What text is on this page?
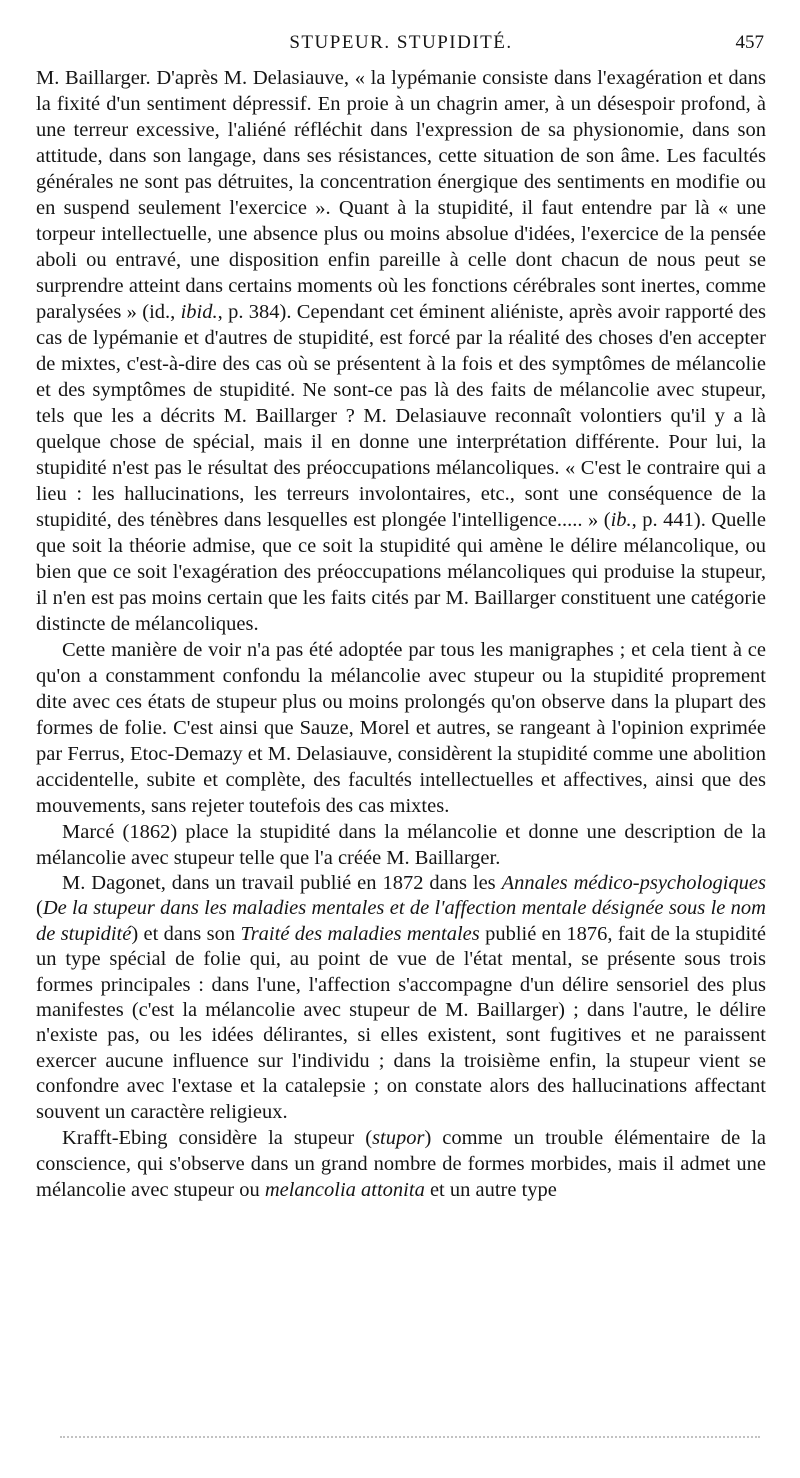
STUPEUR. STUPIDITÉ.	457

M. Baillarger. D'après M. Delasiauve, « la lypémanie consiste dans l'exagération et dans la fixité d'un sentiment dépressif. En proie à un chagrin amer, à un désespoir profond, à une terreur excessive, l'aliéné réfléchit dans l'expression de sa physionomie, dans son attitude, dans son langage, dans ses résistances, cette situation de son âme. Les facultés générales ne sont pas détruites, la concentration énergique des sentiments en modifie ou en suspend seulement l'exercice ». Quant à la stupidité, il faut entendre par là « une torpeur intellectuelle, une absence plus ou moins absolue d'idées, l'exercice de la pensée aboli ou entravé, une disposition enfin pareille à celle dont chacun de nous peut se surprendre atteint dans certains moments où les fonctions cérébrales sont inertes, comme paralysées » (id., ibid., p. 384). Cependant cet éminent aliéniste, après avoir rapporté des cas de lypémanie et d'autres de stupidité, est forcé par la réalité des choses d'en accepter de mixtes, c'est-à-dire des cas où se présentent à la fois et des symptômes de mélancolie et des symptômes de stupidité. Ne sont-ce pas là des faits de mélancolie avec stupeur, tels que les a décrits M. Baillarger ? M. Delasiauve reconnaît volontiers qu'il y a là quelque chose de spécial, mais il en donne une interprétation différente. Pour lui, la stupidité n'est pas le résultat des préoccupations mélancoliques. « C'est le contraire qui a lieu : les hallucinations, les terreurs involontaires, etc., sont une conséquence de la stupidité, des ténèbres dans lesquelles est plongée l'intelligence..... » (ib., p. 441). Quelle que soit la théorie admise, que ce soit la stupidité qui amène le délire mélancolique, ou bien que ce soit l'exagération des préoccupations mélancoliques qui produise la stupeur, il n'en est pas moins certain que les faits cités par M. Baillarger constituent une catégorie distincte de mélancoliques.

Cette manière de voir n'a pas été adoptée par tous les manigraphes ; et cela tient à ce qu'on a constamment confondu la mélancolie avec stupeur ou la stupidité proprement dite avec ces états de stupeur plus ou moins prolongés qu'on observe dans la plupart des formes de folie. C'est ainsi que Sauze, Morel et autres, se rangeant à l'opinion exprimée par Ferrus, Etoc-Demazy et M. Delasiauve, considèrent la stupidité comme une abolition accidentelle, subite et complète, des facultés intellectuelles et affectives, ainsi que des mouvements, sans rejeter toutefois des cas mixtes.

Marcé (1862) place la stupidité dans la mélancolie et donne une description de la mélancolie avec stupeur telle que l'a créée M. Baillarger.

M. Dagonet, dans un travail publié en 1872 dans les Annales médico-psychologiques (De la stupeur dans les maladies mentales et de l'affection mentale désignée sous le nom de stupidité) et dans son Traité des maladies mentales publié en 1876, fait de la stupidité un type spécial de folie qui, au point de vue de l'état mental, se présente sous trois formes principales : dans l'une, l'affection s'accompagne d'un délire sensoriel des plus manifestes (c'est la mélancolie avec stupeur de M. Baillarger) ; dans l'autre, le délire n'existe pas, ou les idées délirantes, si elles existent, sont fugitives et ne paraissent exercer aucune influence sur l'individu ; dans la troisième enfin, la stupeur vient se confondre avec l'extase et la catalepsie ; on constate alors des hallucinations affectant souvent un caractère religieux.

Krafft-Ebing considère la stupeur (stupor) comme un trouble élémentaire de la conscience, qui s'observe dans un grand nombre de formes morbides, mais il admet une mélancolie avec stupeur ou melancolia attonita et un autre type
